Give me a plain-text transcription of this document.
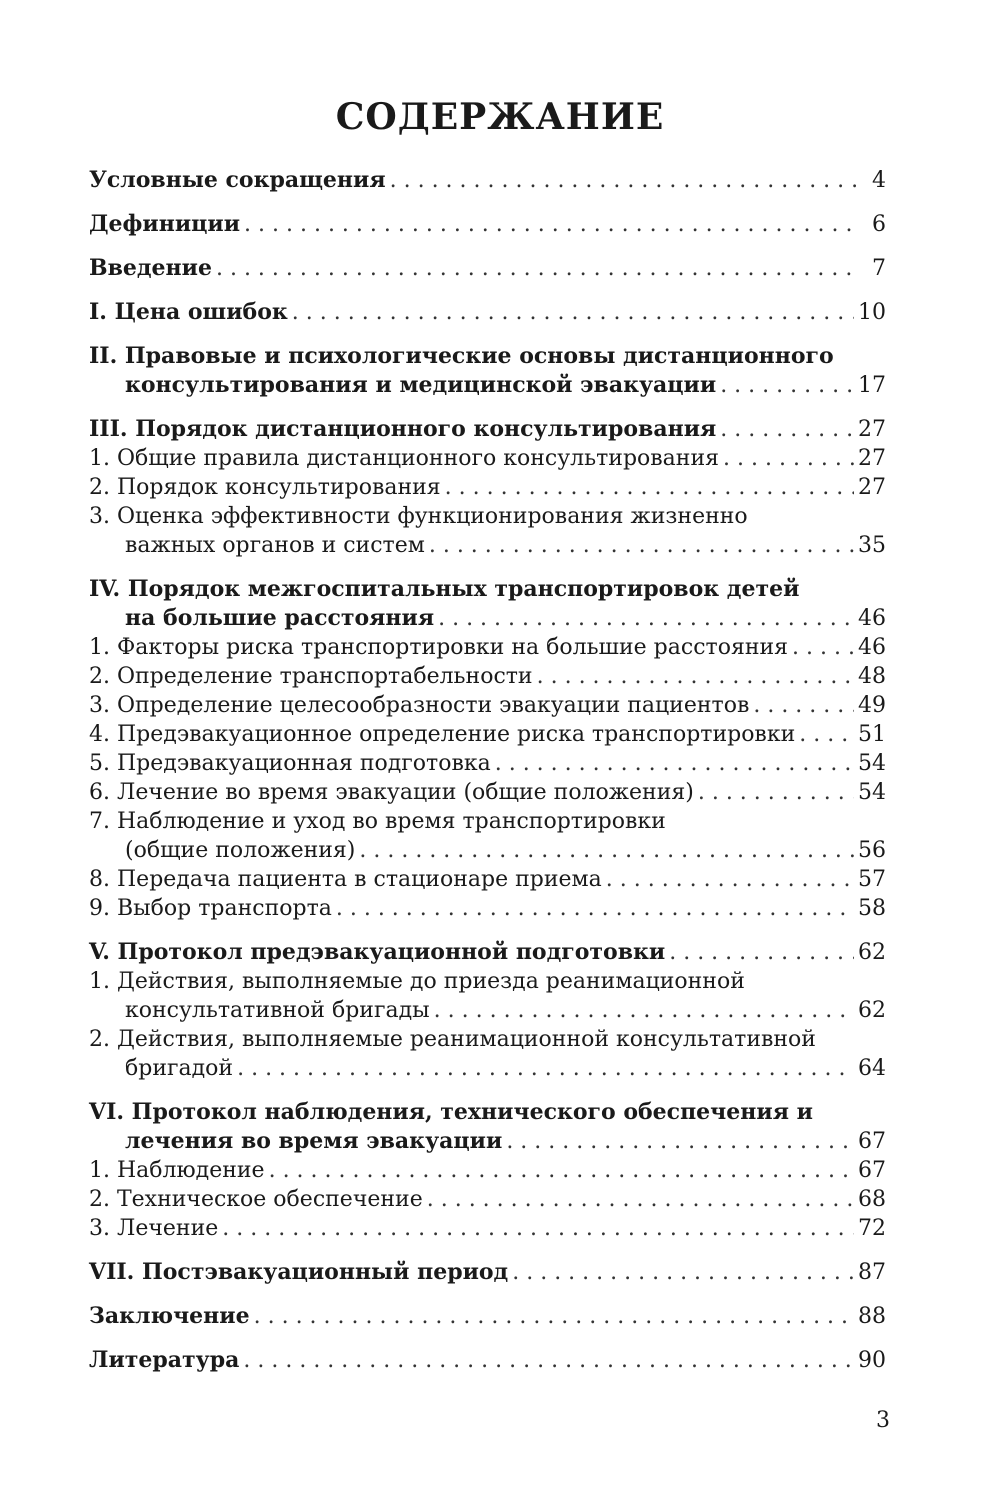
СОДЕРЖАНИЕ
Условные сокращения . . .	4
Дефиниции . . .	6
Введение . . .	7
I. Цена ошибок . . .	10
II. Правовые и психологические основы дистанционного
консультирования и медицинской эвакуации . . .	17
III. Порядок дистанционного консультирования . . .	27
1. Общие правила дистанционного консультирования . . .	27
2. Порядок консультирования . . .	27
3. Оценка эффективности функционирования жизненно
важных органов и систем . . .	35
IV. Порядок межгоспитальных транспортировок детей
на большие расстояния . . .	46
1. Факторы риска транспортировки на большие расстояния . . .	46
2. Определение транспортабельности . . .	48
3. Определение целесообразности эвакуации пациентов . . .	49
4. Предэвакуационное определение риска транспортировки . . .	51
5. Предэвакуационная подготовка . . .	54
6. Лечение во время эвакуации (общие положения) . . .	54
7. Наблюдение и уход во время транспортировки
(общие положения) . . .	56
8. Передача пациента в стационаре приема . . .	57
9. Выбор транспорта . . .	58
V. Протокол предэвакуационной подготовки . . .	62
1. Действия, выполняемые до приезда реанимационной
консультативной бригады . . .	62
2. Действия, выполняемые реанимационной консультативной
бригадой . . .	64
VI. Протокол наблюдения, технического обеспечения и
лечения во время эвакуации . . .	67
1. Наблюдение . . .	67
2. Техническое обеспечение . . .	68
3. Лечение . . .	72
VII. Постэвакуационный период . . .	87
Заключение . . .	88
Литература . . .	90
3
